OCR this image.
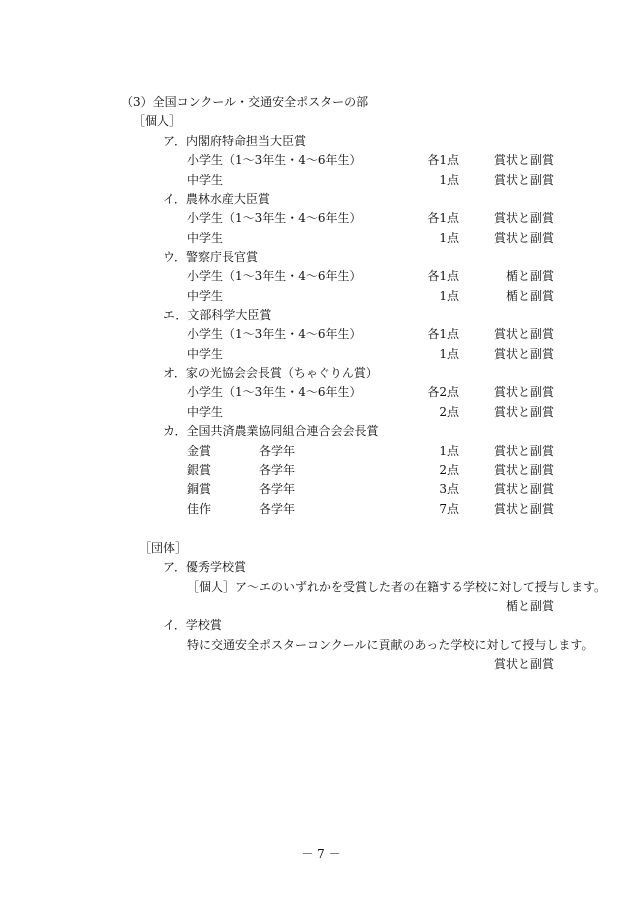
（3）全国コンクール・交通安全ポスターの部
［個人］
ア．内閣府特命担当大臣賞
小学生（1～3年生・4～6年生）	各1点	賞状と副賞
中学生	1点	賞状と副賞
イ．農林水産大臣賞
小学生（1～3年生・4～6年生）	各1点	賞状と副賞
中学生	1点	賞状と副賞
ウ．警察庁長官賞
小学生（1～3年生・4～6年生）	各1点	楯と副賞
中学生	1点	楯と副賞
エ．文部科学大臣賞
小学生（1～3年生・4～6年生）	各1点	賞状と副賞
中学生	1点	賞状と副賞
オ．家の光協会会長賞（ちゃぐりん賞）
小学生（1～3年生・4～6年生）	各2点	賞状と副賞
中学生	2点	賞状と副賞
カ．全国共済農業協同組合連合会会長賞
金賞	各学年	1点	賞状と副賞
銀賞	各学年	2点	賞状と副賞
銅賞	各学年	3点	賞状と副賞
佳作	各学年	7点	賞状と副賞
［団体］
ア．優秀学校賞
［個人］ア～エのいずれかを受賞した者の在籍する学校に対して授与します。
楯と副賞
イ．学校賞
特に交通安全ポスターコンクールに貢献のあった学校に対して授与します。
賞状と副賞
－ 7 －
